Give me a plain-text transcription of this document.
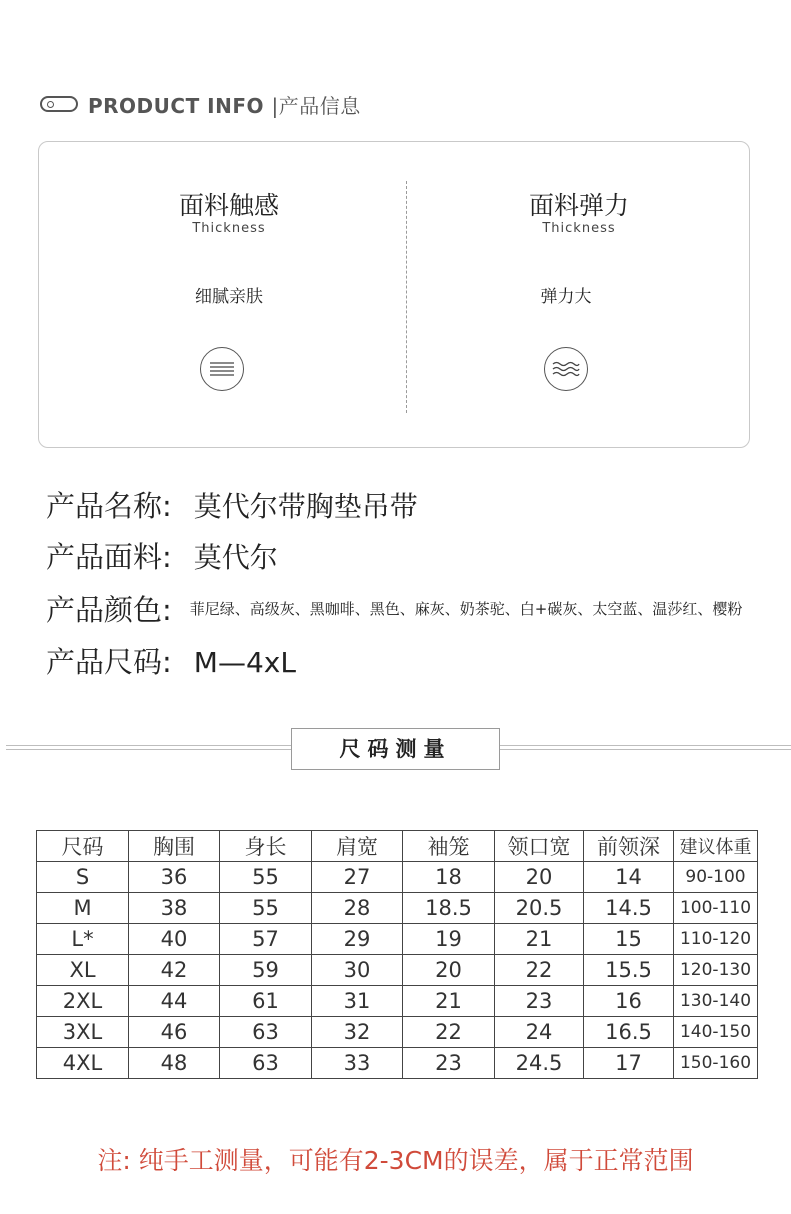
PRODUCT INFO |产品信息
面料触感
Thickness
细腻亲肤
面料弹力
Thickness
弹力大
产品名称: 莫代尔带胸垫吊带
产品面料: 莫代尔
产品颜色: 菲尼绿、高级灰、黑咖啡、黑色、麻灰、奶茶驼、白+碳灰、太空蓝、温莎红、樱粉
产品尺码: M—4xL
尺码测量
尺码	胸围	身长	肩宽	袖笼	领口宽	前领深	建议体重
S	36	55	27	18	20	14	90-100
M	38	55	28	18.5	20.5	14.5	100-110
L*	40	57	29	19	21	15	110-120
XL	42	59	30	20	22	15.5	120-130
2XL	44	61	31	21	23	16	130-140
3XL	46	63	32	22	24	16.5	140-150
4XL	48	63	33	23	24.5	17	150-160
注: 纯手工测量，可能有2-3CM的误差，属于正常范围
